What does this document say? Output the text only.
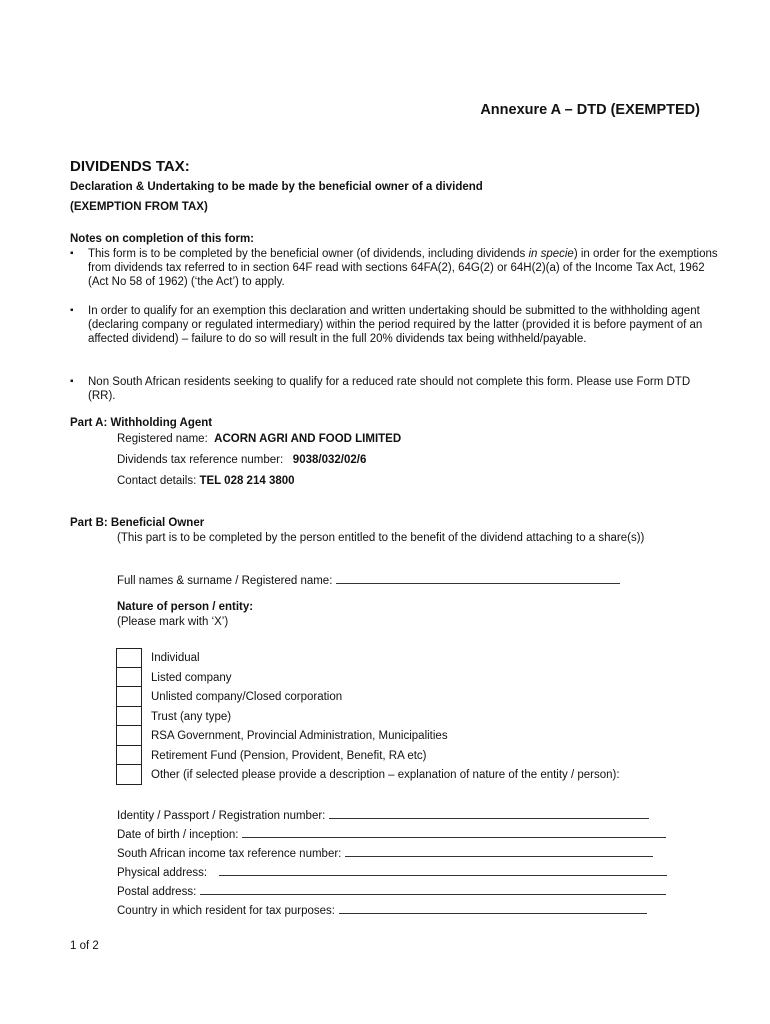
Annexure A – DTD (EXEMPTED)
DIVIDENDS TAX:
Declaration & Undertaking to be made by the beneficial owner of a dividend
(EXEMPTION FROM TAX)
Notes on completion of this form:
▪ This form is to be completed by the beneficial owner (of dividends, including dividends in specie) in order for the exemptions from dividends tax referred to in section 64F read with sections 64FA(2), 64G(2) or 64H(2)(a) of the Income Tax Act, 1962 (Act No 58 of 1962) (‘the Act’) to apply.
▪ In order to qualify for an exemption this declaration and written undertaking should be submitted to the withholding agent (declaring company or regulated intermediary) within the period required by the latter (provided it is before payment of an affected dividend) – failure to do so will result in the full 20% dividends tax being withheld/payable.
▪ Non South African residents seeking to qualify for a reduced rate should not complete this form. Please use Form DTD (RR).
Part A: Withholding Agent
Registered name: ACORN AGRI AND FOOD LIMITED
Dividends tax reference number: 9038/032/02/6
Contact details: TEL 028 214 3800
Part B: Beneficial Owner
(This part is to be completed by the person entitled to the benefit of the dividend attaching to a share(s))
Full names & surname / Registered name:
Nature of person / entity:
(Please mark with ‘X’)
Individual
Listed company
Unlisted company/Closed corporation
Trust (any type)
RSA Government, Provincial Administration, Municipalities
Retirement Fund (Pension, Provident, Benefit, RA etc)
Other (if selected please provide a description – explanation of nature of the entity / person):
Identity / Passport / Registration number:
Date of birth / inception:
South African income tax reference number:
Physical address:
Postal address:
Country in which resident for tax purposes:
1 of 2
